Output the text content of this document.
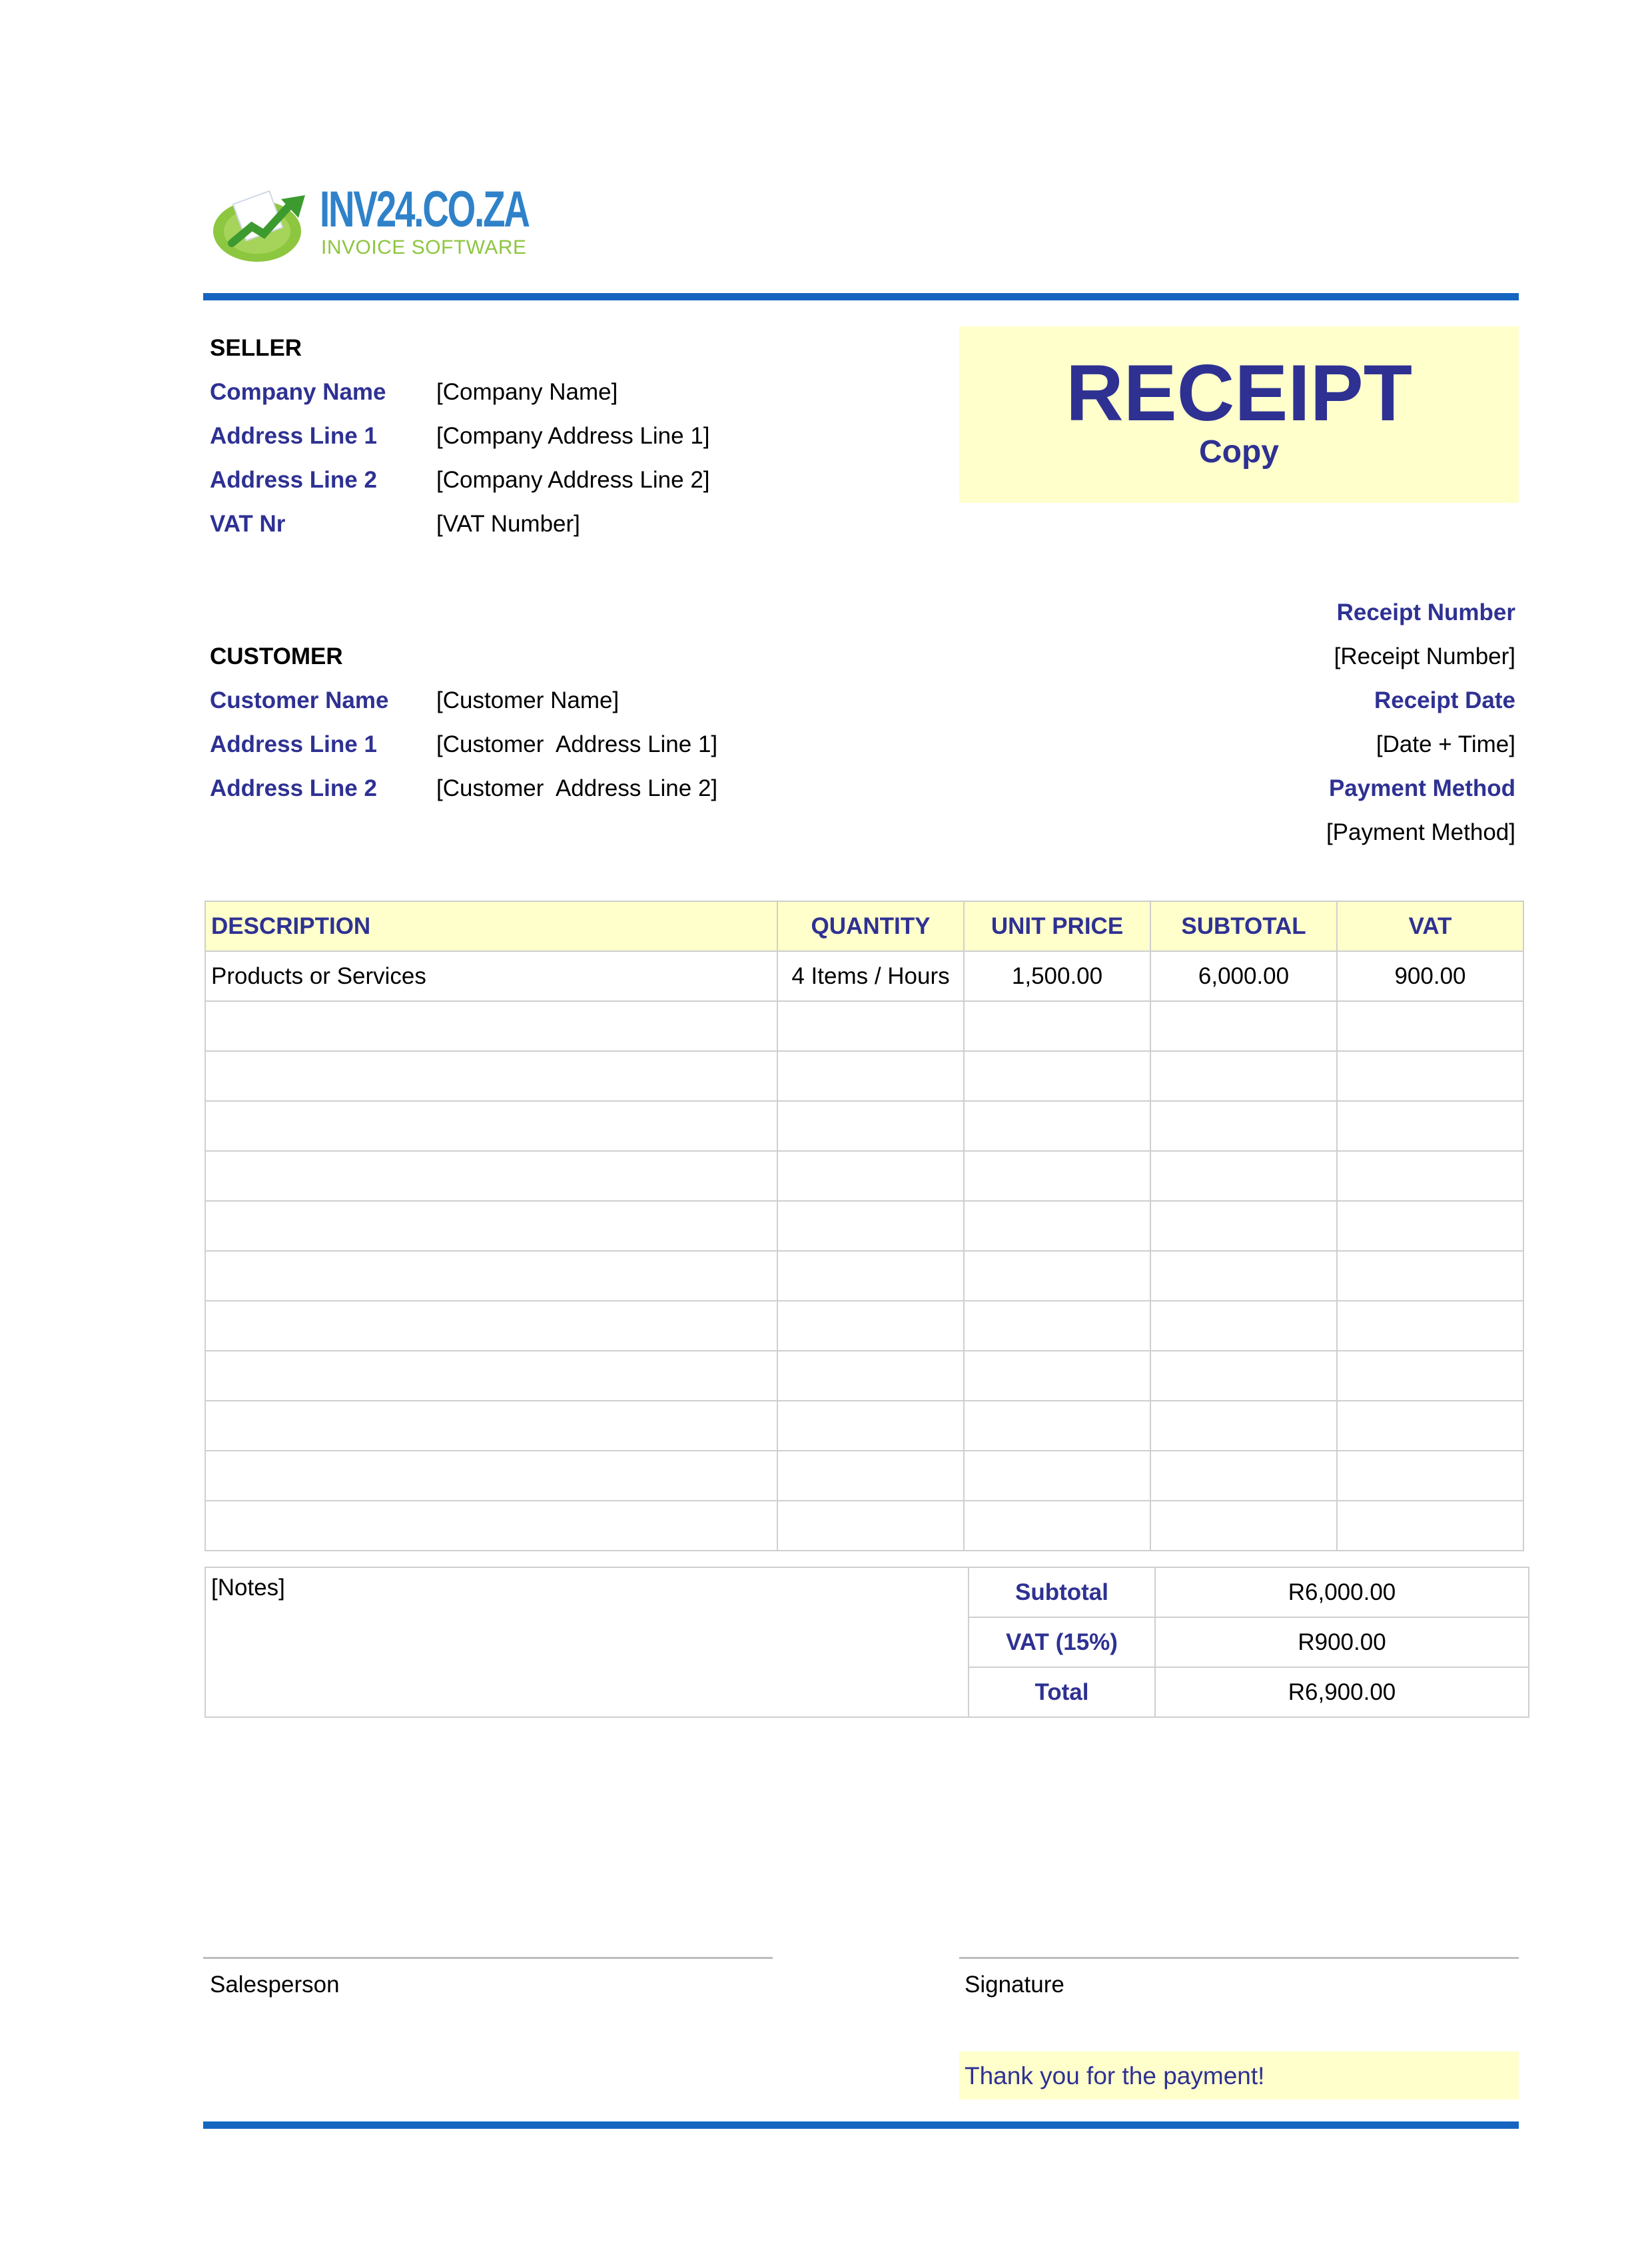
INV24.CO.ZA
INVOICE SOFTWARE
RECEIPT
Copy
SELLER
Company Name [Company Name]
Address Line 1	[Company Address Line 1]
Address Line 2	[Company Address Line 2]
VAT Nr	[VAT Number]
Receipt Number
[Receipt Number]
Receipt Date
[Date + Time]
Payment Method
[Payment Method]
CUSTOMER
Customer Name [Customer Name]
Address Line 1	[Customer  Address Line 1]
Address Line 2	[Customer  Address Line 2]
DESCRIPTION	QUANTITY	UNIT PRICE	SUBTOTAL	VAT
Products or Services	4 Items / Hours	1,500.00	6,000.00	900.00

[Notes]	Subtotal	R6,000.00
	VAT (15%)	R900.00
	Total	R6,900.00
Salesperson	Signature
Thank you for the payment!
